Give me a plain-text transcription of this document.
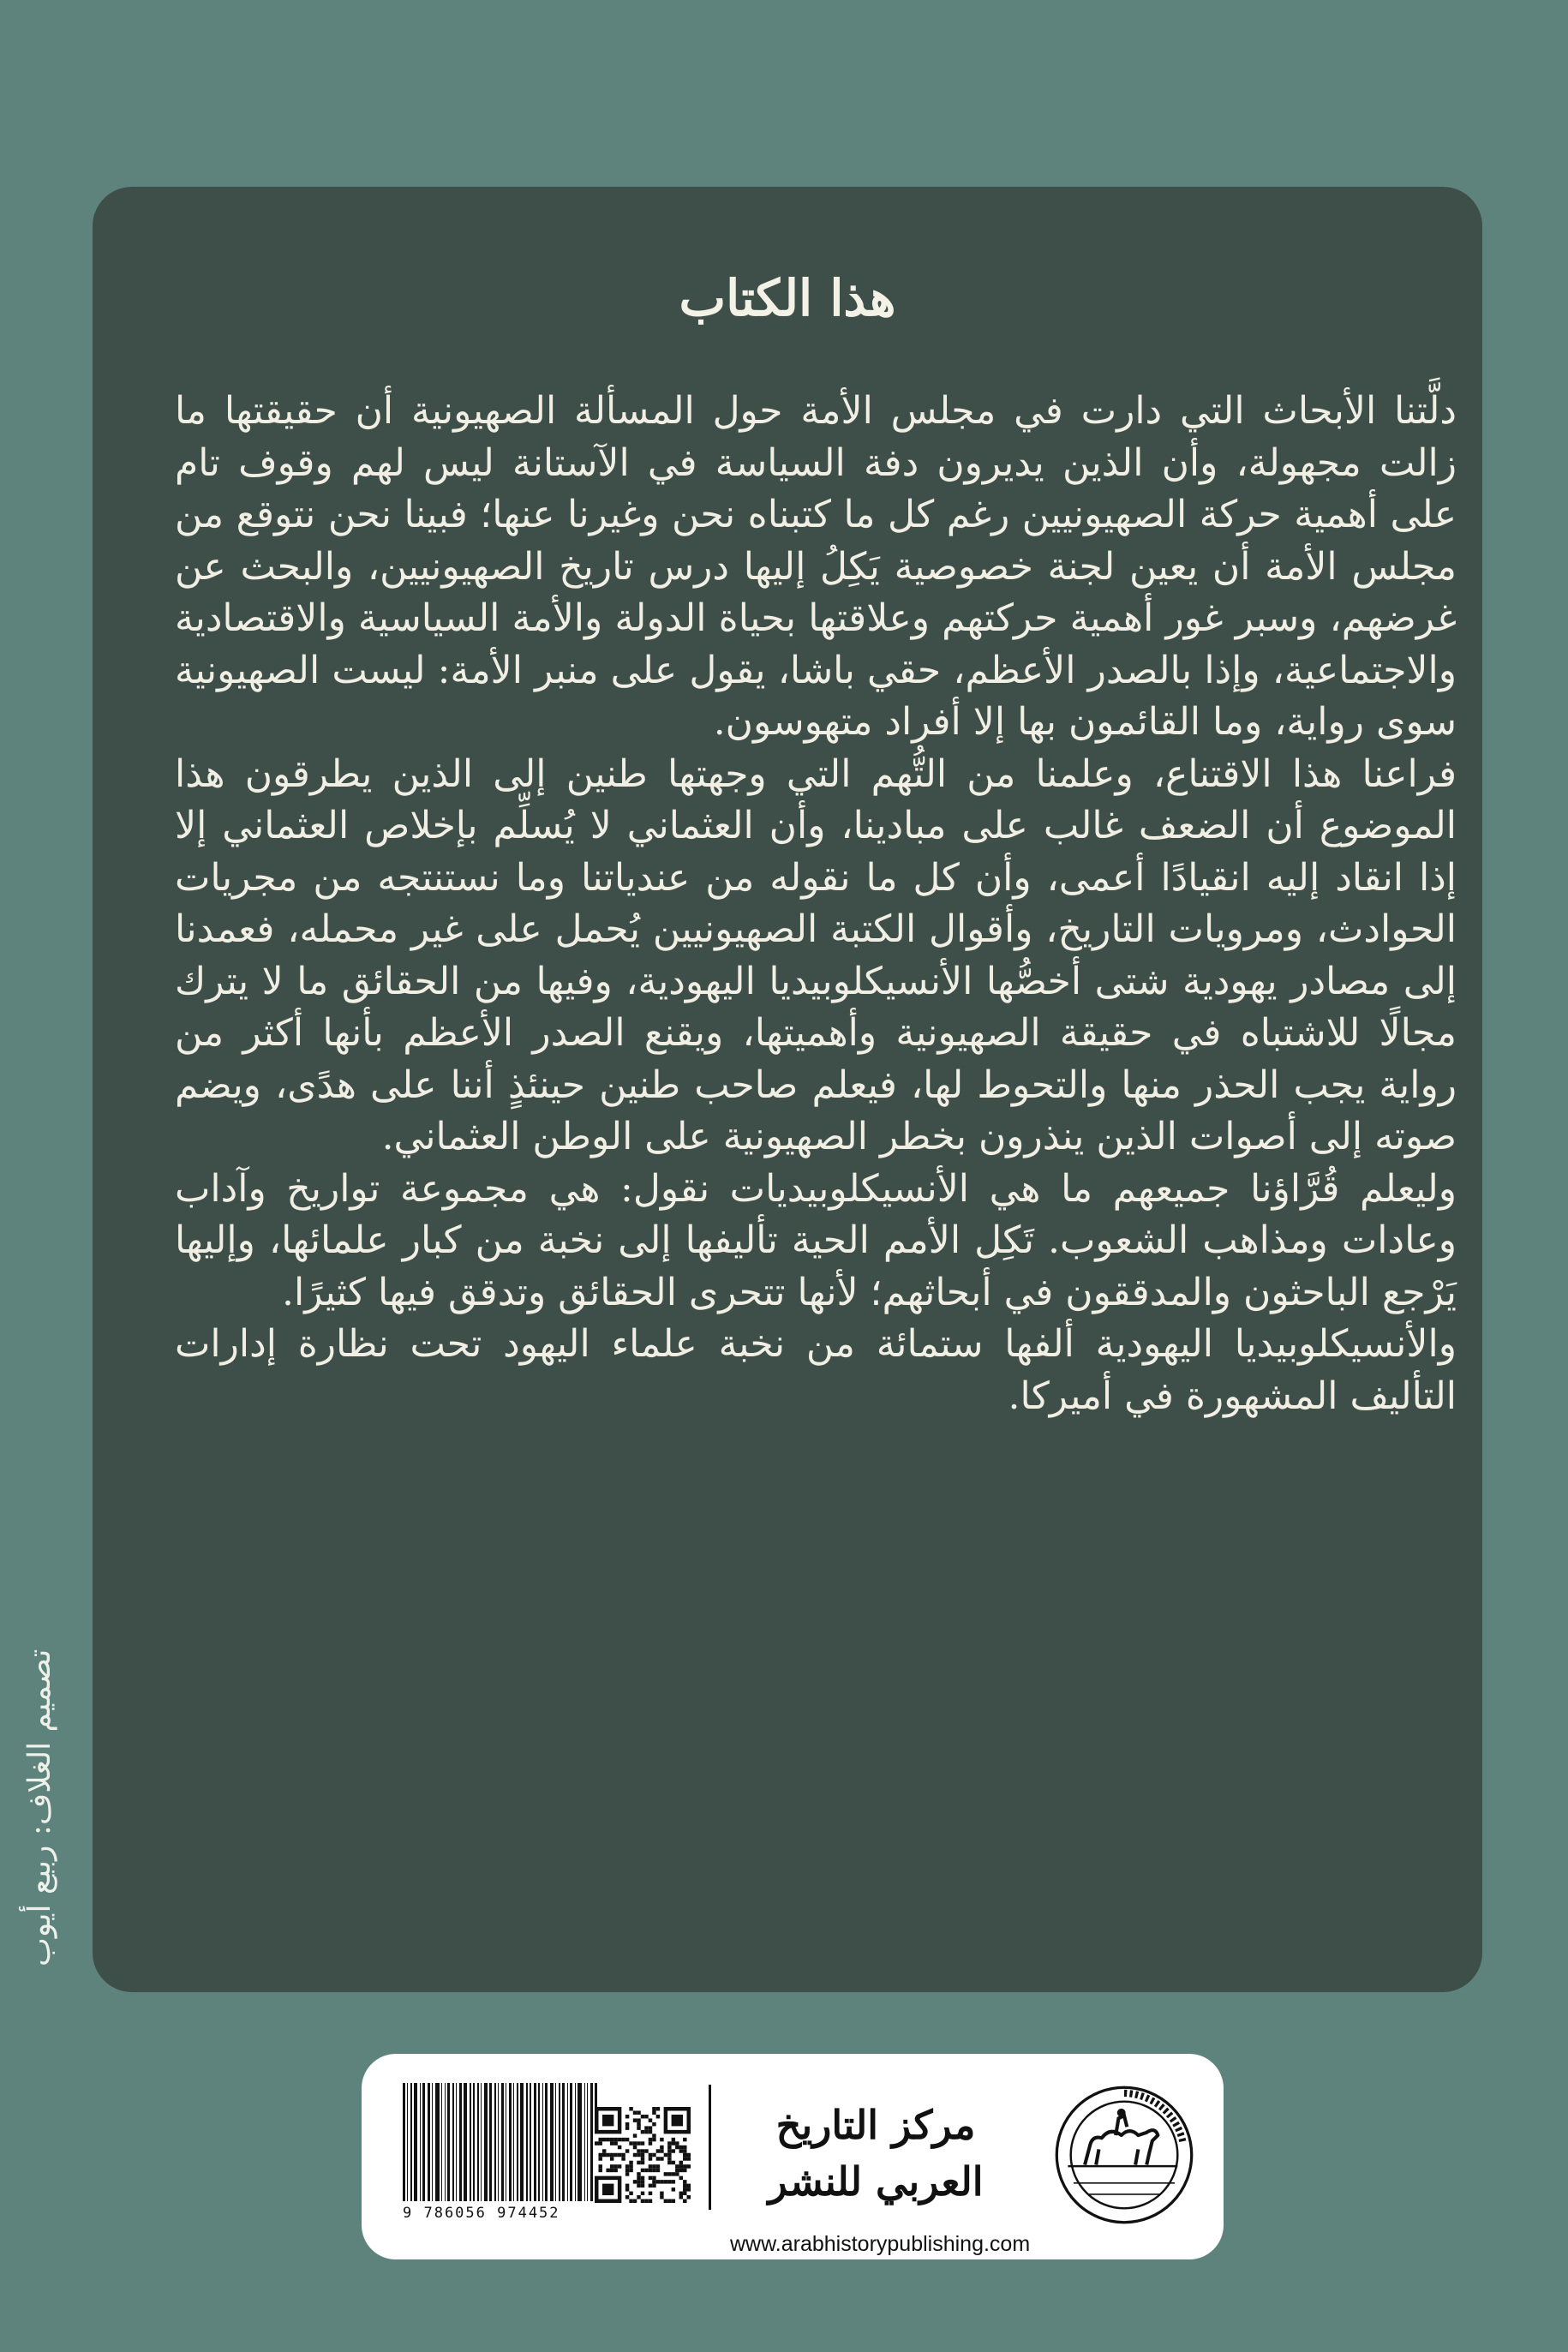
هذا الكتاب

دلَّتنا الأبحاث التي دارت في مجلس الأمة حول المسألة الصهيونية أن حقيقتها ما زالت مجهولة، وأن الذين يديرون دفة السياسة في الآستانة ليس لهم وقوف تام على أهمية حركة الصهيونيين رغم كل ما كتبناه نحن وغيرنا عنها؛ فبينا نحن نتوقع من مجلس الأمة أن يعين لجنة خصوصية يَكِلُ إليها درس تاريخ الصهيونيين، والبحث عن غرضهم، وسبر غور أهمية حركتهم وعلاقتها بحياة الدولة والأمة السياسية والاقتصادية والاجتماعية، وإذا بالصدر الأعظم، حقي باشا، يقول على منبر الأمة: ليست الصهيونية سوى رواية، وما القائمون بها إلا أفراد متهوسون.

فراعنا هذا الاقتناع، وعلمنا من التُّهم التي وجهتها طنين إلى الذين يطرقون هذا الموضوع أن الضعف غالب على مبادينا، وأن العثماني لا يُسلِّم بإخلاص العثماني إلا إذا انقاد إليه انقيادًا أعمى، وأن كل ما نقوله من عندياتنا وما نستنتجه من مجريات الحوادث، ومرويات التاريخ، وأقوال الكتبة الصهيونيين يُحمل على غير محمله، فعمدنا إلى مصادر يهودية شتى أخصُّها الأنسيكلوبيديا اليهودية، وفيها من الحقائق ما لا يترك مجالًا للاشتباه في حقيقة الصهيونية وأهميتها، ويقنع الصدر الأعظم بأنها أكثر من رواية يجب الحذر منها والتحوط لها، فيعلم صاحب طنين حينئذٍ أننا على هدًى، ويضم صوته إلى أصوات الذين ينذرون بخطر الصهيونية على الوطن العثماني.

وليعلم قُرَّاؤنا جميعهم ما هي الأنسيكلوبيديات نقول: هي مجموعة تواريخ وآداب وعادات ومذاهب الشعوب. تَكِل الأمم الحية تأليفها إلى نخبة من كبار علمائها، وإليها يَرْجع الباحثون والمدققون في أبحاثهم؛ لأنها تتحرى الحقائق وتدقق فيها كثيرًا.

والأنسيكلوبيديا اليهودية ألفها ستمائة من نخبة علماء اليهود تحت نظارة إدارات التأليف المشهورة في أميركا.

تصميم الغلاف: ربيع أيوب
9 786056 974452
مركز التاريخ العربي للنشر
www.arabhistorypublishing.com
